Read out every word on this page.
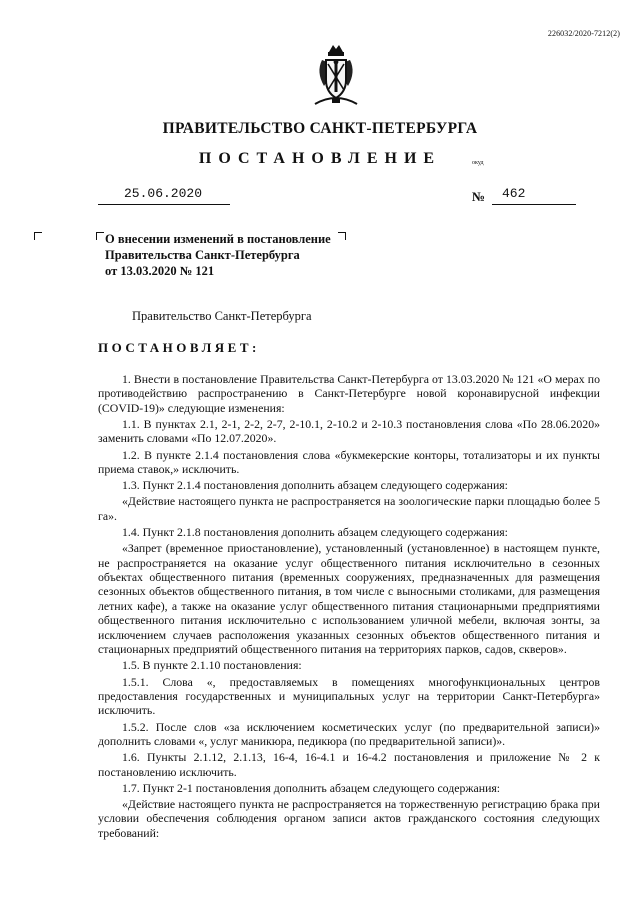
226032/2020-7212(2)
ПРАВИТЕЛЬСТВО САНКТ-ПЕТЕРБУРГА
ПОСТАНОВЛЕНИЕ	окуд
25.06.2020	№ 462
О внесении изменений в постановление
Правительства Санкт-Петербурга
от 13.03.2020 № 121
Правительство Санкт-Петербурга
ПОСТАНОВЛЯЕТ:

1. Внести в постановление Правительства Санкт-Петербурга от 13.03.2020 № 121 «О мерах по противодействию распространению в Санкт-Петербурге новой коронавирусной инфекции (COVID-19)» следующие изменения:

1.1. В пунктах 2.1, 2-1, 2-2, 2-7, 2-10.1, 2-10.2 и 2-10.3 постановления слова «По 28.06.2020» заменить словами «По 12.07.2020».

1.2. В пункте 2.1.4 постановления слова «букмекерские конторы, тотализаторы и их пункты приема ставок,» исключить.

1.3. Пункт 2.1.4 постановления дополнить абзацем следующего содержания:

«Действие настоящего пункта не распространяется на зоологические парки площадью более 5 га».

1.4. Пункт 2.1.8 постановления дополнить абзацем следующего содержания:

«Запрет (временное приостановление), установленный (установленное) в настоящем пункте, не распространяется на оказание услуг общественного питания исключительно в сезонных объектах общественного питания (временных сооружениях, предназначенных для размещения сезонных объектов общественного питания, в том числе с выносными столиками, для размещения летних кафе), а также на оказание услуг общественного питания стационарными предприятиями общественного питания исключительно с использованием уличной мебели, включая зонты, за исключением случаев расположения указанных сезонных объектов общественного питания и стационарных предприятий общественного питания на территориях парков, садов, скверов».

1.5. В пункте 2.1.10 постановления:

1.5.1. Слова «, предоставляемых в помещениях многофункциональных центров предоставления государственных и муниципальных услуг на территории Санкт-Петербурга» исключить.

1.5.2. После слов «за исключением косметических услуг (по предварительной записи)» дополнить словами «, услуг маникюра, педикюра (по предварительной записи)».

1.6. Пункты 2.1.12, 2.1.13, 16-4, 16-4.1 и 16-4.2 постановления и приложение № 2 к постановлению исключить.

1.7. Пункт 2-1 постановления дополнить абзацем следующего содержания:

«Действие настоящего пункта не распространяется на торжественную регистрацию брака при условии обеспечения соблюдения органом записи актов гражданского состояния следующих требований:
